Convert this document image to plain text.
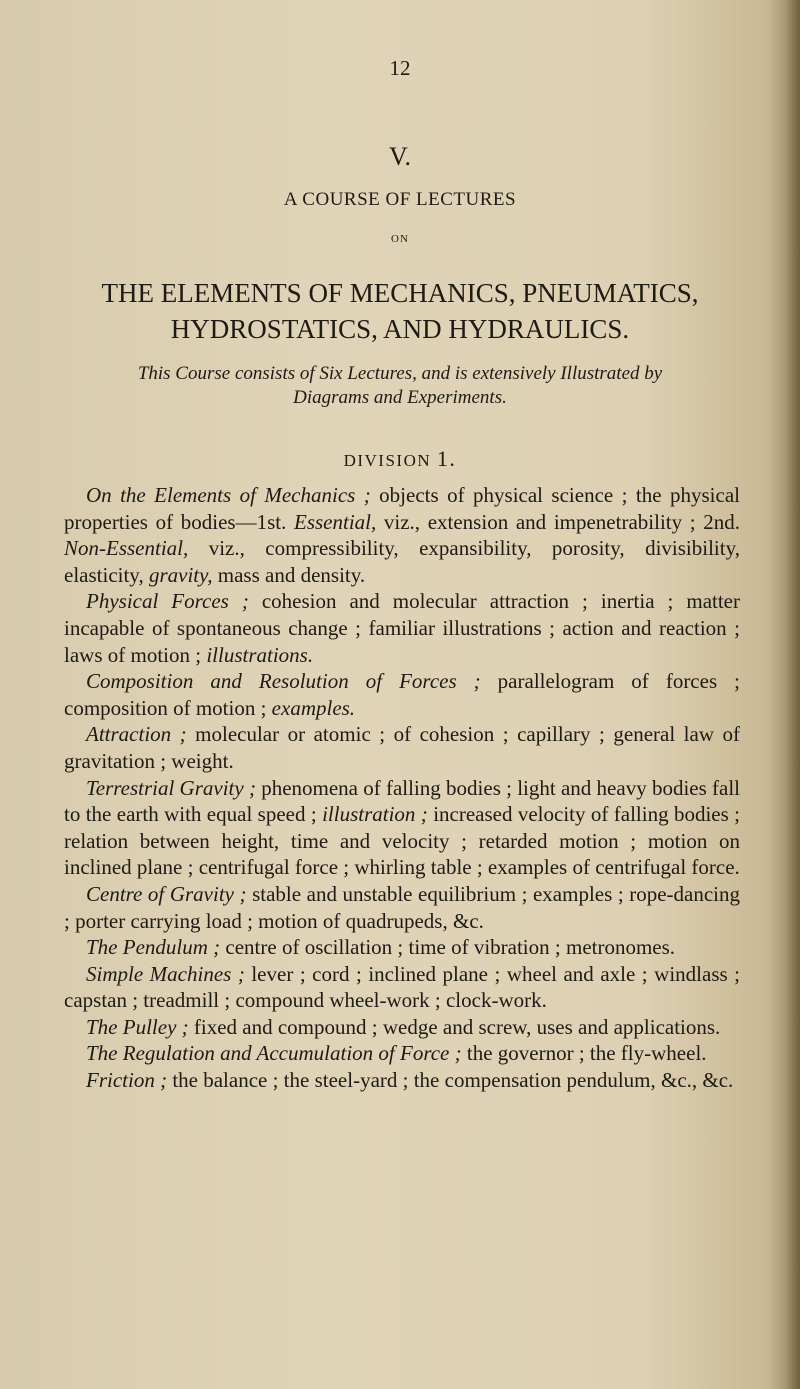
12
V.
A COURSE OF LECTURES
ON
THE ELEMENTS OF MECHANICS, PNEUMATICS,
HYDROSTATICS, AND HYDRAULICS.
This Course consists of Six Lectures, and is extensively Illustrated by
Diagrams and Experiments.
DIVISION 1.

On the Elements of Mechanics ; objects of physical science ; the physical properties of bodies—1st. Essential, viz., extension and impenetrability ; 2nd. Non-Essential, viz., compressibility, expansibility, porosity, divisibility, elasticity, gravity, mass and density.

Physical Forces ; cohesion and molecular attraction ; inertia ; matter incapable of spontaneous change ; familiar illustrations ; action and reaction ; laws of motion ; illustrations.

Composition and Resolution of Forces ; parallelogram of forces ; composition of motion ; examples.

Attraction ; molecular or atomic ; of cohesion ; capillary ; general law of gravitation ; weight.

Terrestrial Gravity ; phenomena of falling bodies ; light and heavy bodies fall to the earth with equal speed ; illustration ; increased velocity of falling bodies ; relation between height, time and velocity ; retarded motion ; motion on inclined plane ; centrifugal force ; whirling table ; examples of centrifugal force.

Centre of Gravity ; stable and unstable equilibrium ; examples ; rope-dancing ; porter carrying load ; motion of quadrupeds, &c.

The Pendulum ; centre of oscillation ; time of vibration ; metronomes.

Simple Machines ; lever ; cord ; inclined plane ; wheel and axle ; windlass ; capstan ; treadmill ; compound wheel-work ; clock-work.

The Pulley ; fixed and compound ; wedge and screw, uses and applications.

The Regulation and Accumulation of Force ; the governor ; the fly-wheel.

Friction ; the balance ; the steel-yard ; the compensation pendulum, &c., &c.
